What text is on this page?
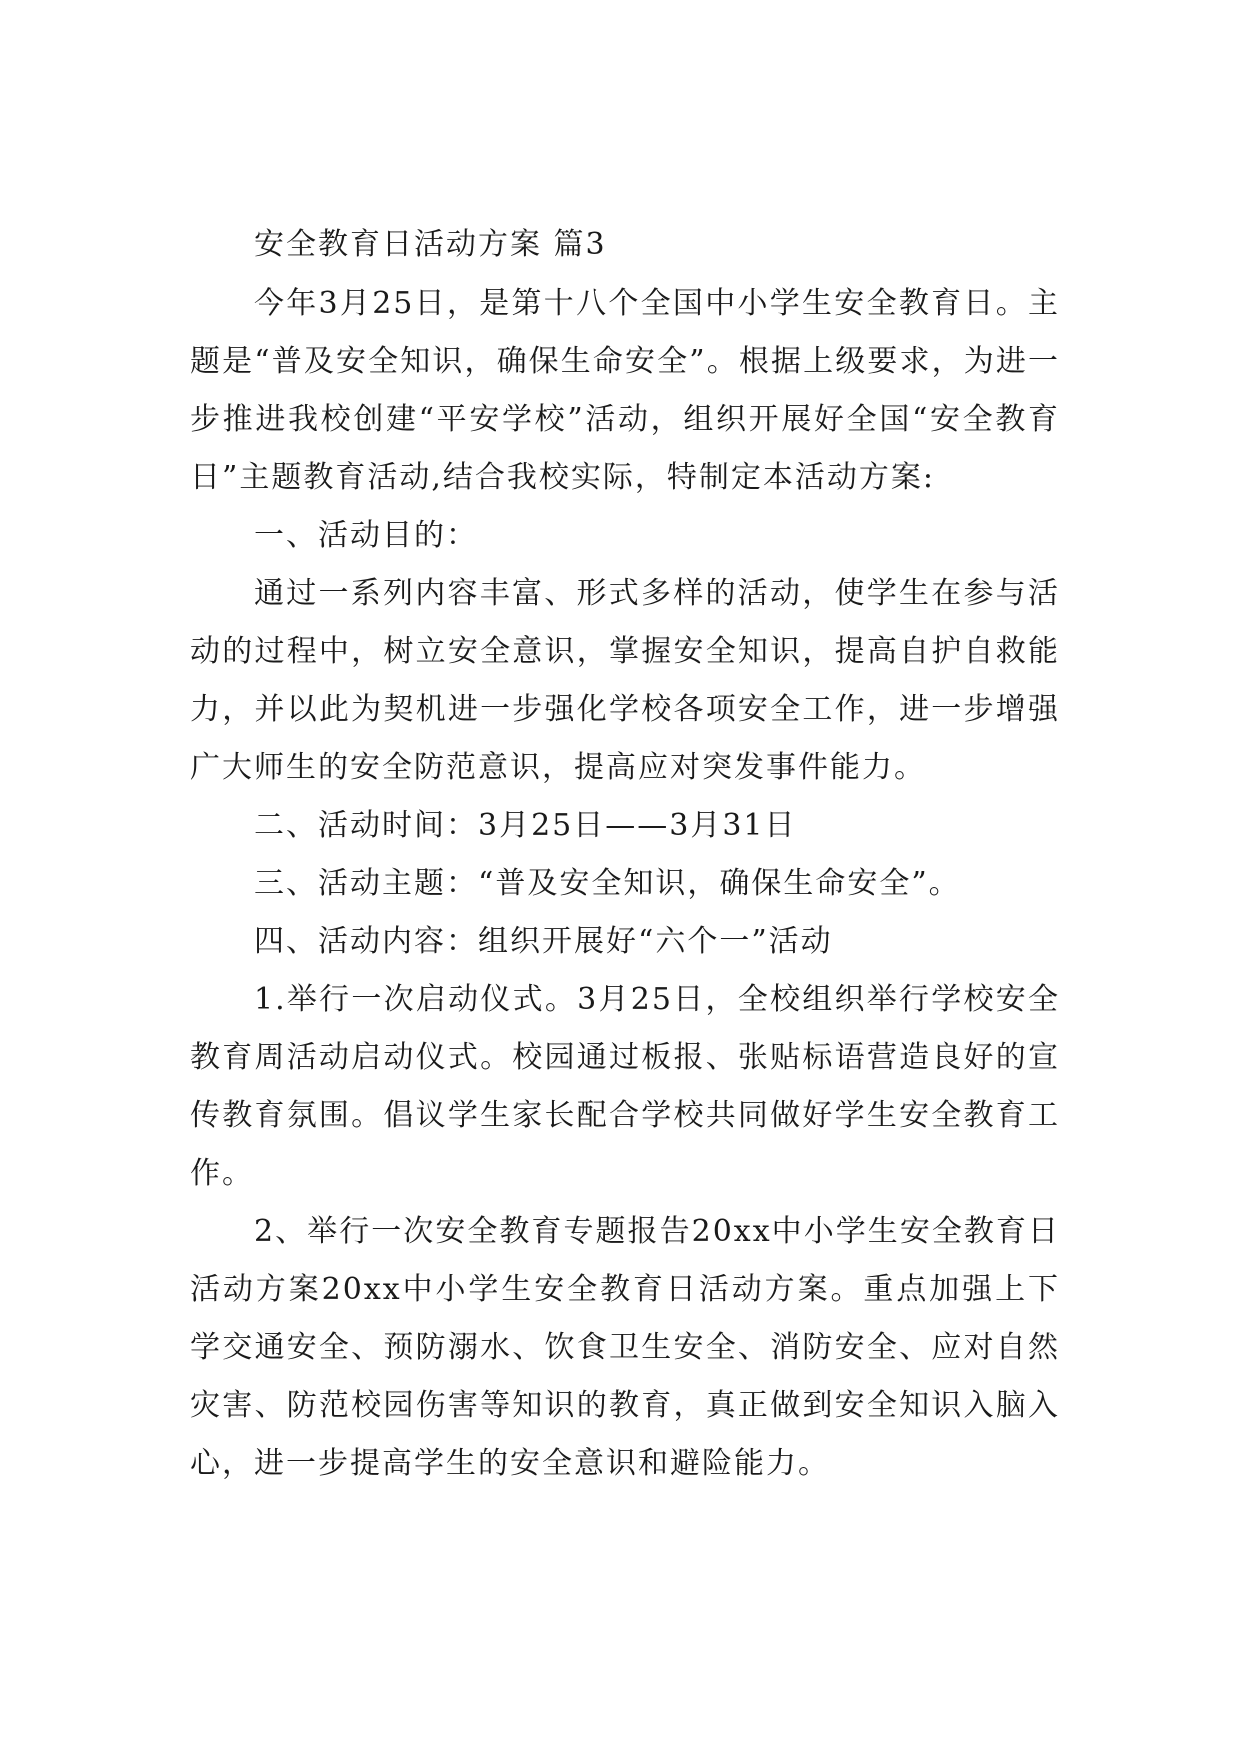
安全教育日活动方案 篇3

今年3月25日，是第十八个全国中小学生安全教育日。主题是“普及安全知识，确保生命安全”。根据上级要求，为进一步推进我校创建“平安学校”活动，组织开展好全国“安全教育日”主题教育活动,结合我校实际，特制定本活动方案:

一、活动目的：

通过一系列内容丰富、形式多样的活动，使学生在参与活动的过程中，树立安全意识，掌握安全知识，提高自护自救能力，并以此为契机进一步强化学校各项安全工作，进一步增强广大师生的安全防范意识，提高应对突发事件能力。

二、活动时间：3月25日——3月31日

三、活动主题：“普及安全知识，确保生命安全”。

四、活动内容：组织开展好“六个一”活动

1.举行一次启动仪式。3月25日，全校组织举行学校安全教育周活动启动仪式。校园通过板报、张贴标语营造良好的宣传教育氛围。倡议学生家长配合学校共同做好学生安全教育工作。

2、举行一次安全教育专题报告20xx中小学生安全教育日活动方案20xx中小学生安全教育日活动方案。重点加强上下学交通安全、预防溺水、饮食卫生安全、消防安全、应对自然灾害、防范校园伤害等知识的教育，真正做到安全知识入脑入心，进一步提高学生的安全意识和避险能力。
